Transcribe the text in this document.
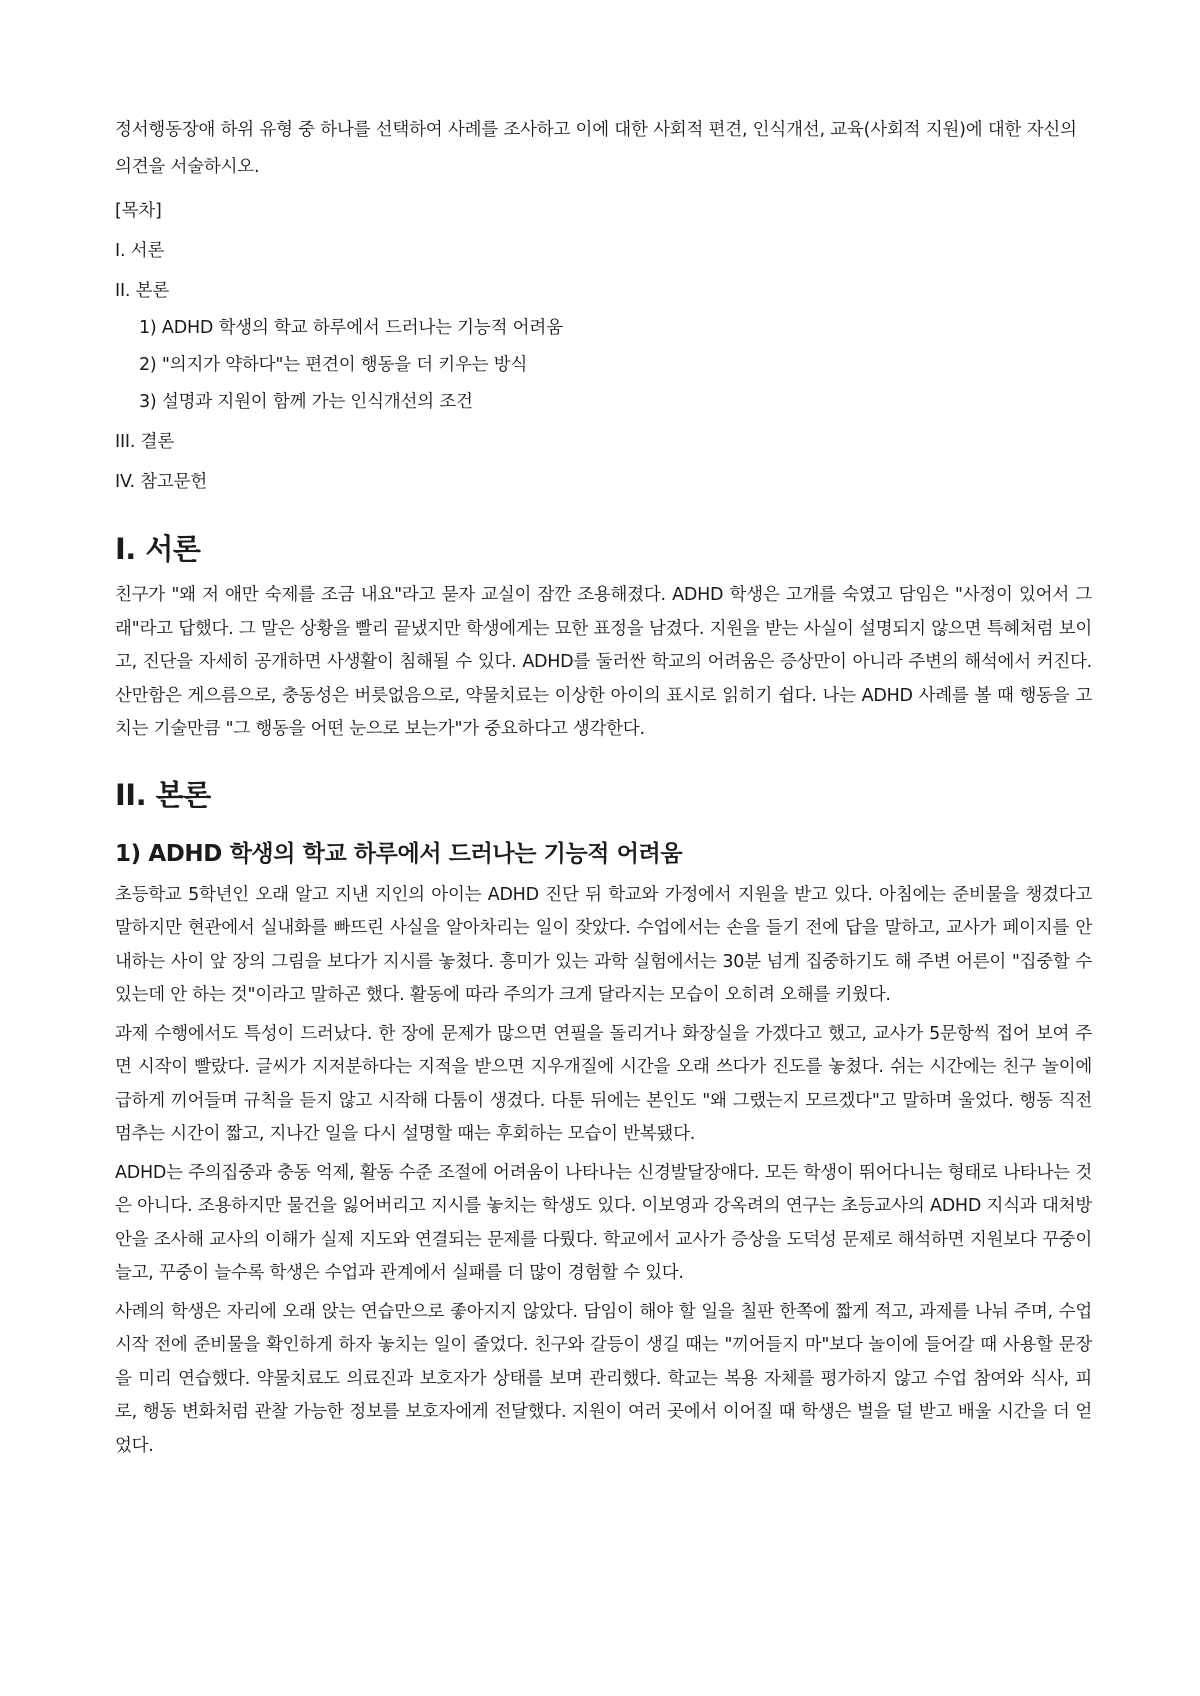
정서행동장애 하위 유형 중 하나를 선택하여 사례를 조사하고 이에 대한 사회적 편견, 인식개선, 교육(사회적 지원)에 대한 자신의 의견을 서술하시오.

[목차]
I. 서론
II. 본론
1) ADHD 학생의 학교 하루에서 드러나는 기능적 어려움
2) "의지가 약하다"는 편견이 행동을 더 키우는 방식
3) 설명과 지원이 함께 가는 인식개선의 조건
III. 결론
IV. 참고문헌
I. 서론

친구가 "왜 저 애만 숙제를 조금 내요"라고 묻자 교실이 잠깐 조용해졌다. ADHD 학생은 고개를 숙였고 담임은 "사정이 있어서 그래"라고 답했다. 그 말은 상황을 빨리 끝냈지만 학생에게는 묘한 표정을 남겼다. 지원을 받는 사실이 설명되지 않으면 특혜처럼 보이고, 진단을 자세히 공개하면 사생활이 침해될 수 있다. ADHD를 둘러싼 학교의 어려움은 증상만이 아니라 주변의 해석에서 커진다. 산만함은 게으름으로, 충동성은 버릇없음으로, 약물치료는 이상한 아이의 표시로 읽히기 쉽다. 나는 ADHD 사례를 볼 때 행동을 고치는 기술만큼 "그 행동을 어떤 눈으로 보는가"가 중요하다고 생각한다.

II. 본론
1) ADHD 학생의 학교 하루에서 드러나는 기능적 어려움

초등학교 5학년인 오래 알고 지낸 지인의 아이는 ADHD 진단 뒤 학교와 가정에서 지원을 받고 있다. 아침에는 준비물을 챙겼다고 말하지만 현관에서 실내화를 빠뜨린 사실을 알아차리는 일이 잦았다. 수업에서는 손을 들기 전에 답을 말하고, 교사가 페이지를 안내하는 사이 앞 장의 그림을 보다가 지시를 놓쳤다. 흥미가 있는 과학 실험에서는 30분 넘게 집중하기도 해 주변 어른이 "집중할 수 있는데 안 하는 것"이라고 말하곤 했다. 활동에 따라 주의가 크게 달라지는 모습이 오히려 오해를 키웠다.

과제 수행에서도 특성이 드러났다. 한 장에 문제가 많으면 연필을 돌리거나 화장실을 가겠다고 했고, 교사가 5문항씩 접어 보여 주면 시작이 빨랐다. 글씨가 지저분하다는 지적을 받으면 지우개질에 시간을 오래 쓰다가 진도를 놓쳤다. 쉬는 시간에는 친구 놀이에 급하게 끼어들며 규칙을 듣지 않고 시작해 다툼이 생겼다. 다툰 뒤에는 본인도 "왜 그랬는지 모르겠다"고 말하며 울었다. 행동 직전 멈추는 시간이 짧고, 지나간 일을 다시 설명할 때는 후회하는 모습이 반복됐다.

ADHD는 주의집중과 충동 억제, 활동 수준 조절에 어려움이 나타나는 신경발달장애다. 모든 학생이 뛰어다니는 형태로 나타나는 것은 아니다. 조용하지만 물건을 잃어버리고 지시를 놓치는 학생도 있다. 이보영과 강옥려의 연구는 초등교사의 ADHD 지식과 대처방안을 조사해 교사의 이해가 실제 지도와 연결되는 문제를 다뤘다. 학교에서 교사가 증상을 도덕성 문제로 해석하면 지원보다 꾸중이 늘고, 꾸중이 늘수록 학생은 수업과 관계에서 실패를 더 많이 경험할 수 있다.

사례의 학생은 자리에 오래 앉는 연습만으로 좋아지지 않았다. 담임이 해야 할 일을 칠판 한쪽에 짧게 적고, 과제를 나눠 주며, 수업 시작 전에 준비물을 확인하게 하자 놓치는 일이 줄었다. 친구와 갈등이 생길 때는 "끼어들지 마"보다 놀이에 들어갈 때 사용할 문장을 미리 연습했다. 약물치료도 의료진과 보호자가 상태를 보며 관리했다. 학교는 복용 자체를 평가하지 않고 수업 참여와 식사, 피로, 행동 변화처럼 관찰 가능한 정보를 보호자에게 전달했다. 지원이 여러 곳에서 이어질 때 학생은 벌을 덜 받고 배울 시간을 더 얻었다.
